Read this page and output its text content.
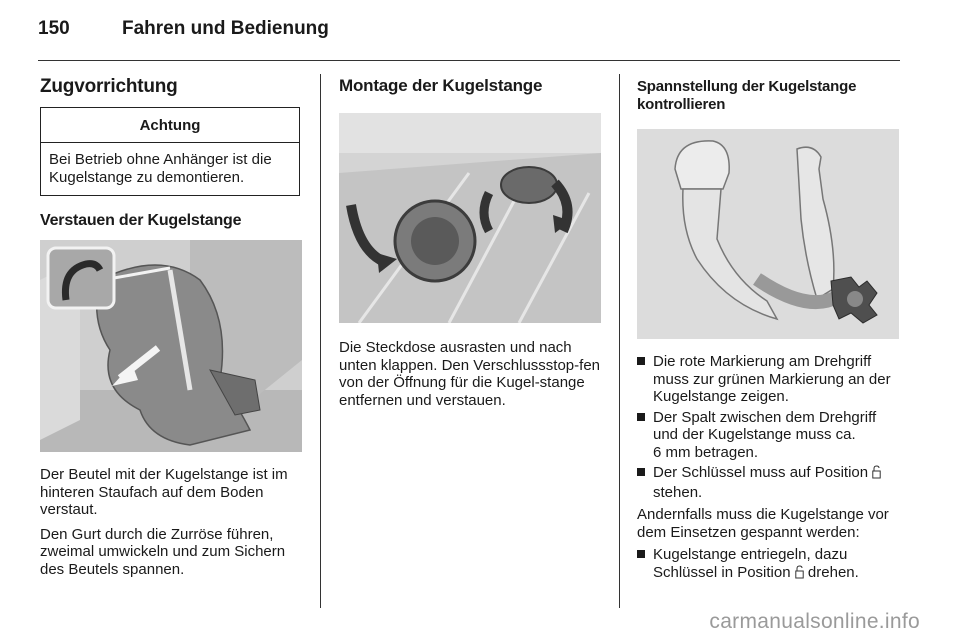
150	Fahren und Bedienung
Zugvorrichtung
Achtung
Bei Betrieb ohne Anhänger ist die Kugelstange zu demontieren.
Verstauen der Kugelstange

Der Beutel mit der Kugelstange ist im hinteren Staufach auf dem Boden verstaut.

Den Gurt durch die Zurröse führen, zweimal umwickeln und zum Sichern des Beutels spannen.

Montage der Kugelstange

Die Steckdose ausrasten und nach unten klappen. Den Verschlussstop-fen von der Öffnung für die Kugel-stange entfernen und verstauen.

Spannstellung der Kugelstange
kontrollieren
Die rote Markierung am Drehgriff muss zur grünen Markierung an der Kugelstange zeigen.
Der Spalt zwischen dem Drehgriff und der Kugelstange muss ca.
6 mm betragen.
Der Schlüssel muss auf Position
stehen.

Andernfalls muss die Kugelstange vor dem Einsetzen gespannt werden:

Kugelstange entriegeln, dazu Schlüssel in Position drehen.
carmanualsonline.info
